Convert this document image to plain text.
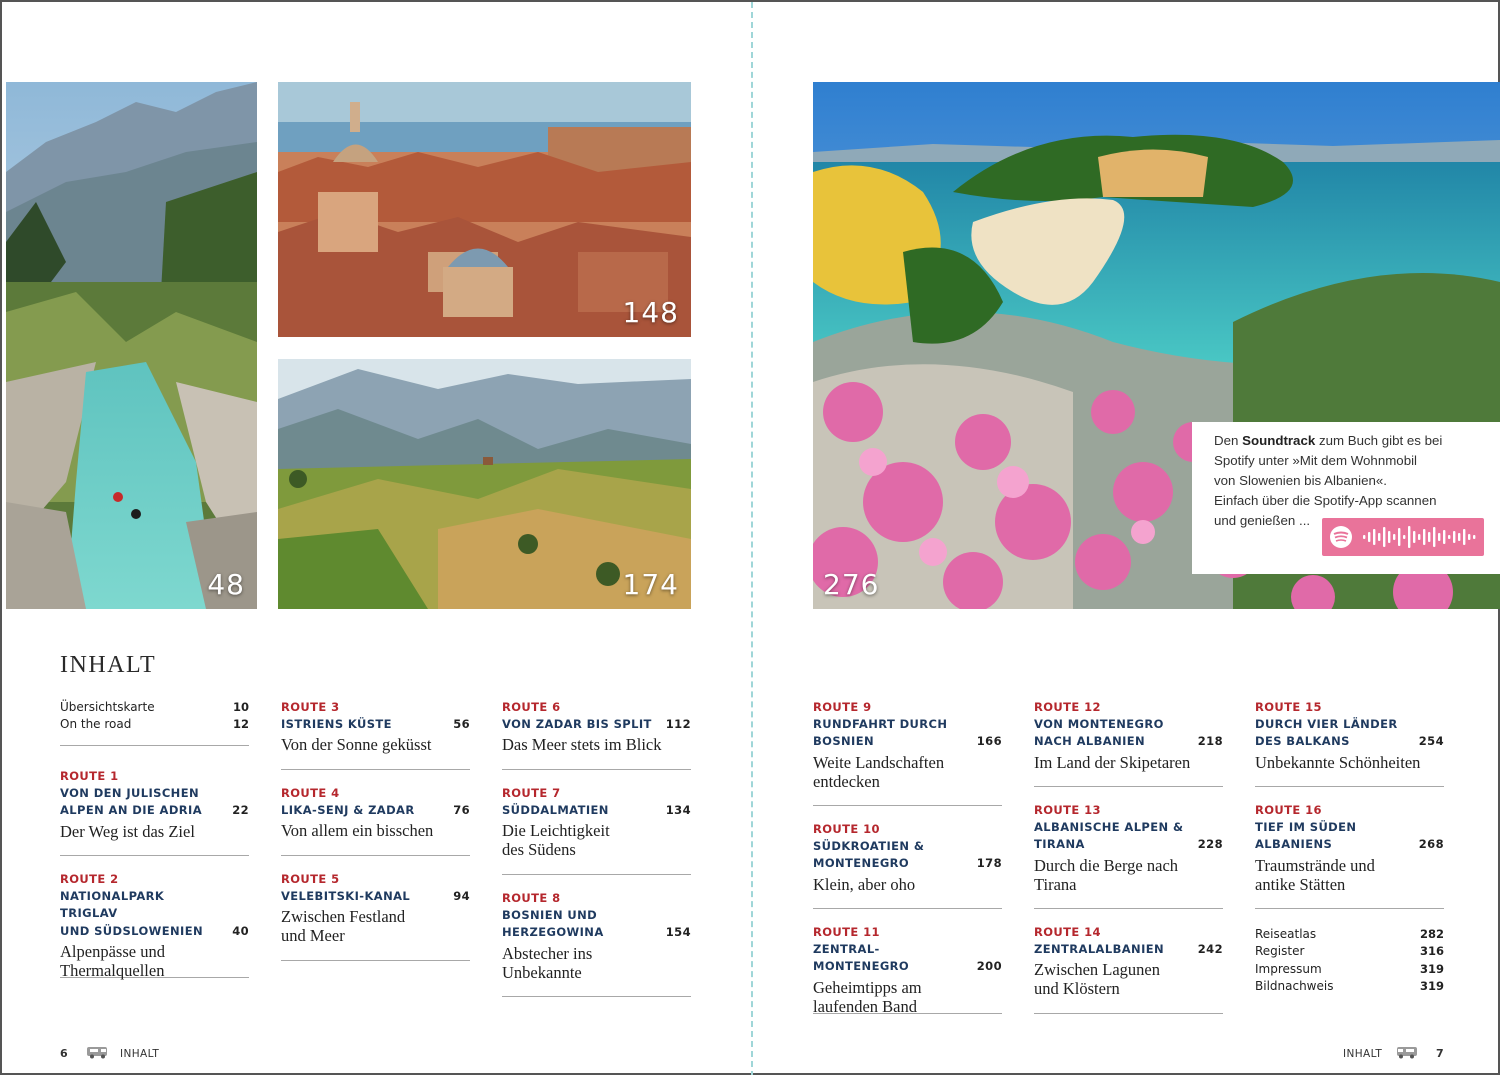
48
148
174	276
Den Soundtrack zum Buch gibt es bei
Spotify unter »Mit dem Wohnmobil
von Slowenien bis Albanien«.
Einfach über die Spotify-App scannen
und genießen ...
INHALT
Übersichtskarte	10
On the road	12
ROUTE 1
VON DEN JULISCHEN
ALPEN AN DIE ADRIA	22
Der Weg ist das Ziel
ROUTE 2
NATIONALPARK TRIGLAV
UND SÜDSLOWENIEN	40
Alpenpässe und
Thermalquellen
ROUTE 3
ISTRIENS KÜSTE	56
Von der Sonne geküsst
ROUTE 4
LIKA-SENJ & ZADAR	76
Von allem ein bisschen
ROUTE 5
VELEBITSKI-KANAL	94
Zwischen Festland
und Meer
ROUTE 6
VON ZADAR BIS SPLIT	112
Das Meer stets im Blick
ROUTE 7
SÜDDALMATIEN	134
Die Leichtigkeit
des Südens
ROUTE 8
BOSNIEN UND
HERZEGOWINA	154
Abstecher ins
Unbekannte
ROUTE 9
RUNDFAHRT DURCH
BOSNIEN	166
Weite Landschaften
entdecken
ROUTE 10
SÜDKROATIEN &
MONTENEGRO	178
Klein, aber oho
ROUTE 11
ZENTRAL-MONTENEGRO	200
Geheimtipps am
laufenden Band
ROUTE 12
VON MONTENEGRO
NACH ALBANIEN	218
Im Land der Skipetaren
ROUTE 13
ALBANISCHE ALPEN &
TIRANA	228
Durch die Berge nach
Tirana
ROUTE 14
ZENTRALALBANIEN	242
Zwischen Lagunen
und Klöstern
ROUTE 15
DURCH VIER LÄNDER
DES BALKANS	254
Unbekannte Schönheiten
ROUTE 16
TIEF IM SÜDEN
ALBANIENS	268
Traumstrände und
antike Stätten
Reiseatlas	282
Register	316
Impressum	319
Bildnachweis	319
6	INHALT	INHALT	7
